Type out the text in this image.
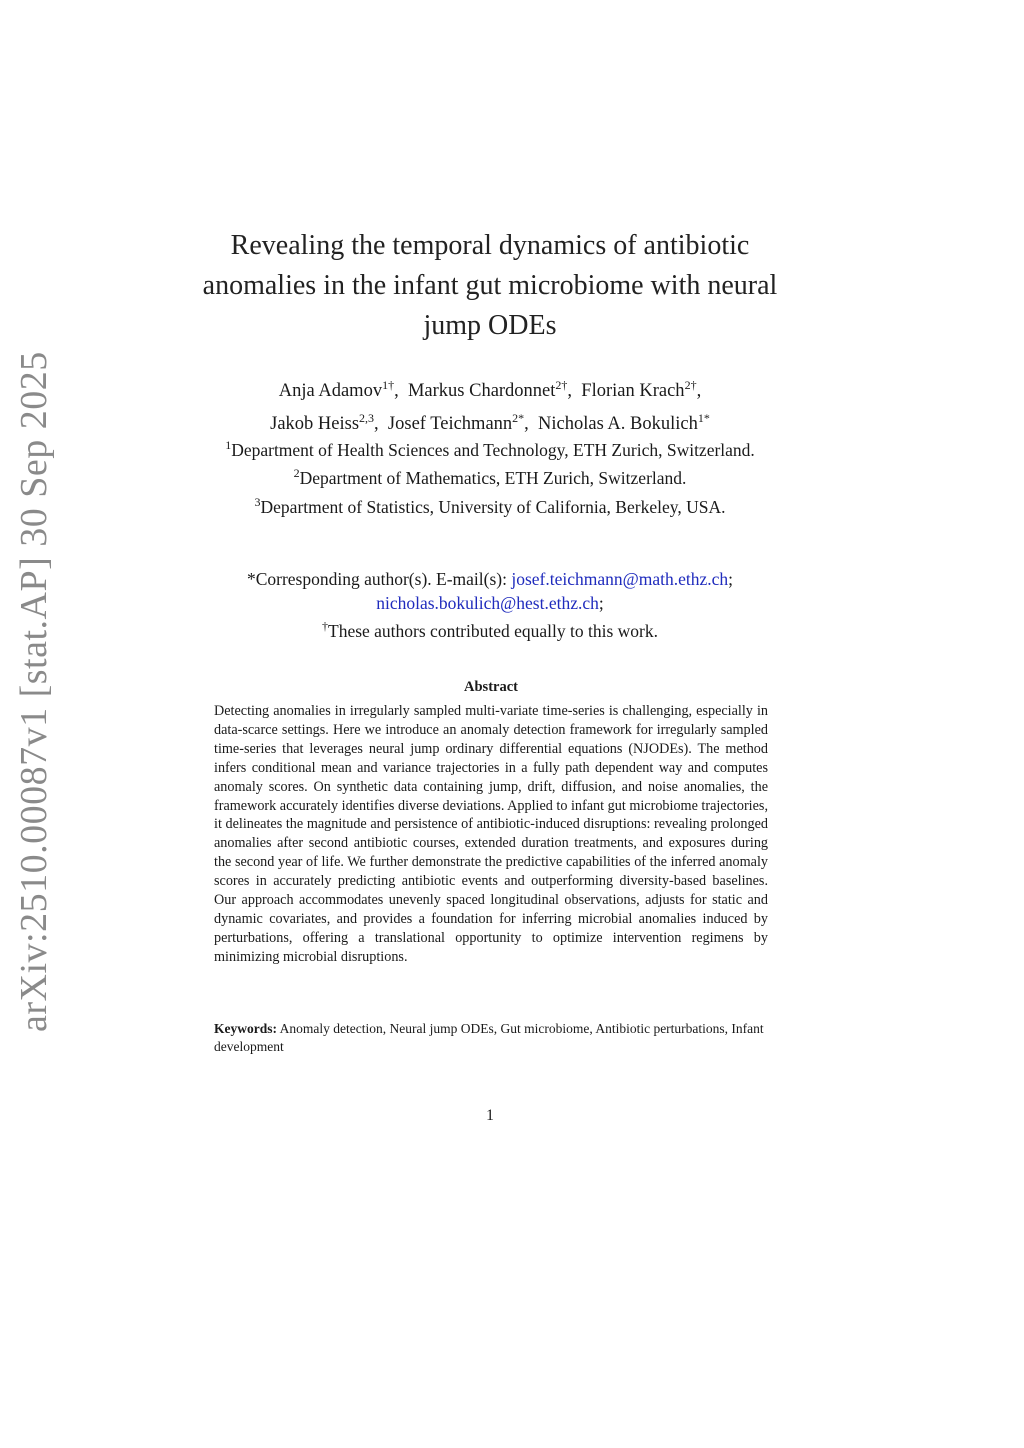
arXiv:2510.00087v1 [stat.AP] 30 Sep 2025
Revealing the temporal dynamics of antibiotic anomalies in the infant gut microbiome with neural jump ODEs
Anja Adamov$^{1\dagger}$,  Markus Chardonnet$^{2\dagger}$,  Florian Krach$^{2\dagger}$,
Jakob Heiss$^{2,3}$,  Josef Teichmann$^{2*}$,  Nicholas A. Bokulich$^{1*}$
$^1$Department of Health Sciences and Technology, ETH Zurich, Switzerland.
$^2$Department of Mathematics, ETH Zurich, Switzerland.
$^3$Department of Statistics, University of California, Berkeley, USA.
*Corresponding author(s). E-mail(s): josef.teichmann@math.ethz.ch;
nicholas.bokulich@hest.ethz.ch;
†These authors contributed equally to this work.
Abstract
Detecting anomalies in irregularly sampled multi-variate time-series is challenging, especially in data-scarce settings. Here we introduce an anomaly detection framework for irregularly sampled time-series that leverages neural jump ordinary differential equations (NJODEs). The method infers conditional mean and variance trajectories in a fully path dependent way and computes anomaly scores. On synthetic data containing jump, drift, diffusion, and noise anomalies, the framework accurately identifies diverse deviations. Applied to infant gut microbiome trajectories, it delineates the magnitude and persistence of antibiotic-induced disruptions: revealing prolonged anomalies after second antibiotic courses, extended duration treatments, and exposures during the second year of life. We further demonstrate the predictive capabilities of the inferred anomaly scores in accurately predicting antibiotic events and outperforming diversity-based baselines. Our approach accommodates unevenly spaced longitudinal observations, adjusts for static and dynamic covariates, and provides a foundation for inferring microbial anomalies induced by perturbations, offering a translational opportunity to optimize intervention regimens by minimizing microbial disruptions.
Keywords: Anomaly detection, Neural jump ODEs, Gut microbiome, Antibiotic perturbations, Infant development
1
